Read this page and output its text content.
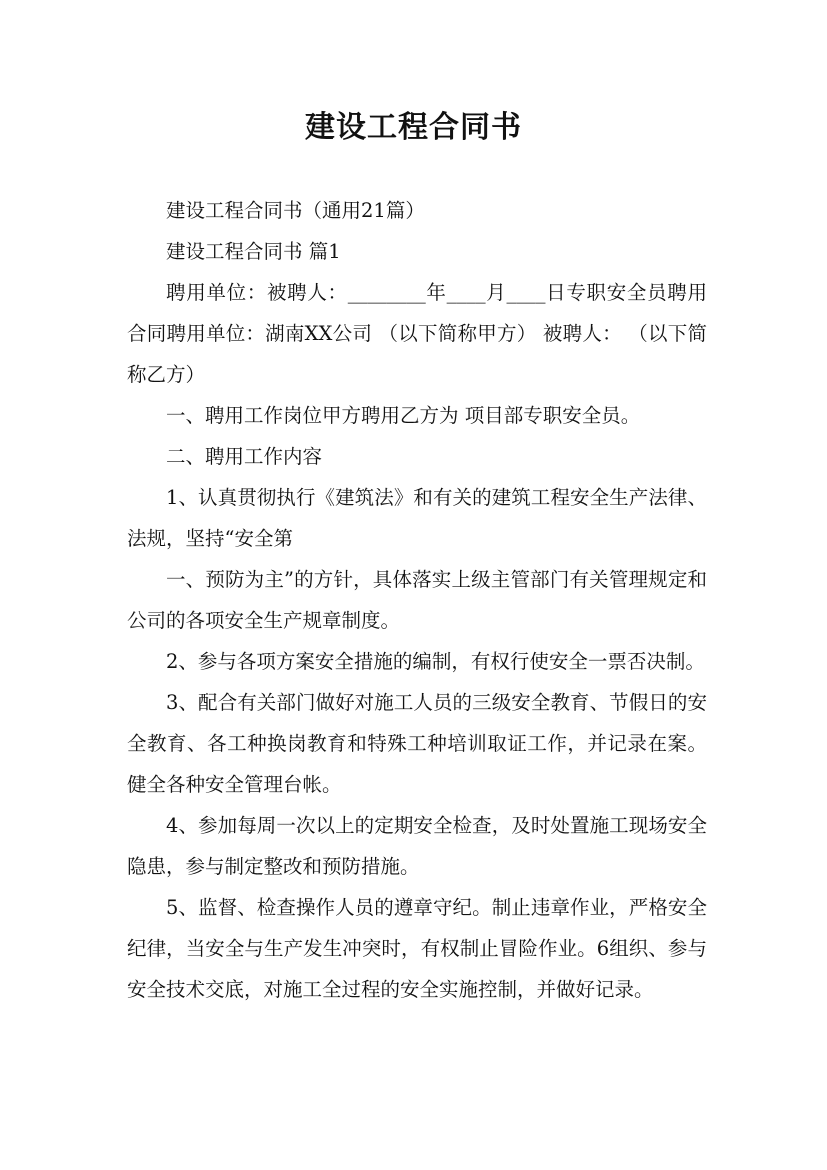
建设工程合同书

建设工程合同书（通用21篇）

建设工程合同书 篇1

聘用单位：被聘人：________年____月____日专职安全员聘用合同聘用单位：湖南XX公司 （以下简称甲方） 被聘人： （以下简称乙方）

一、聘用工作岗位甲方聘用乙方为 项目部专职安全员。

二、聘用工作内容

1、认真贯彻执行《建筑法》和有关的建筑工程安全生产法律、法规，坚持“安全第

一、预防为主”的方针，具体落实上级主管部门有关管理规定和公司的各项安全生产规章制度。

2、参与各项方案安全措施的编制，有权行使安全一票否决制。

3、配合有关部门做好对施工人员的三级安全教育、节假日的安全教育、各工种换岗教育和特殊工种培训取证工作，并记录在案。健全各种安全管理台帐。

4、参加每周一次以上的定期安全检查，及时处置施工现场安全隐患，参与制定整改和预防措施。

5、监督、检查操作人员的遵章守纪。制止违章作业，严格安全纪律，当安全与生产发生冲突时，有权制止冒险作业。6组织、参与安全技术交底，对施工全过程的安全实施控制，并做好记录。
